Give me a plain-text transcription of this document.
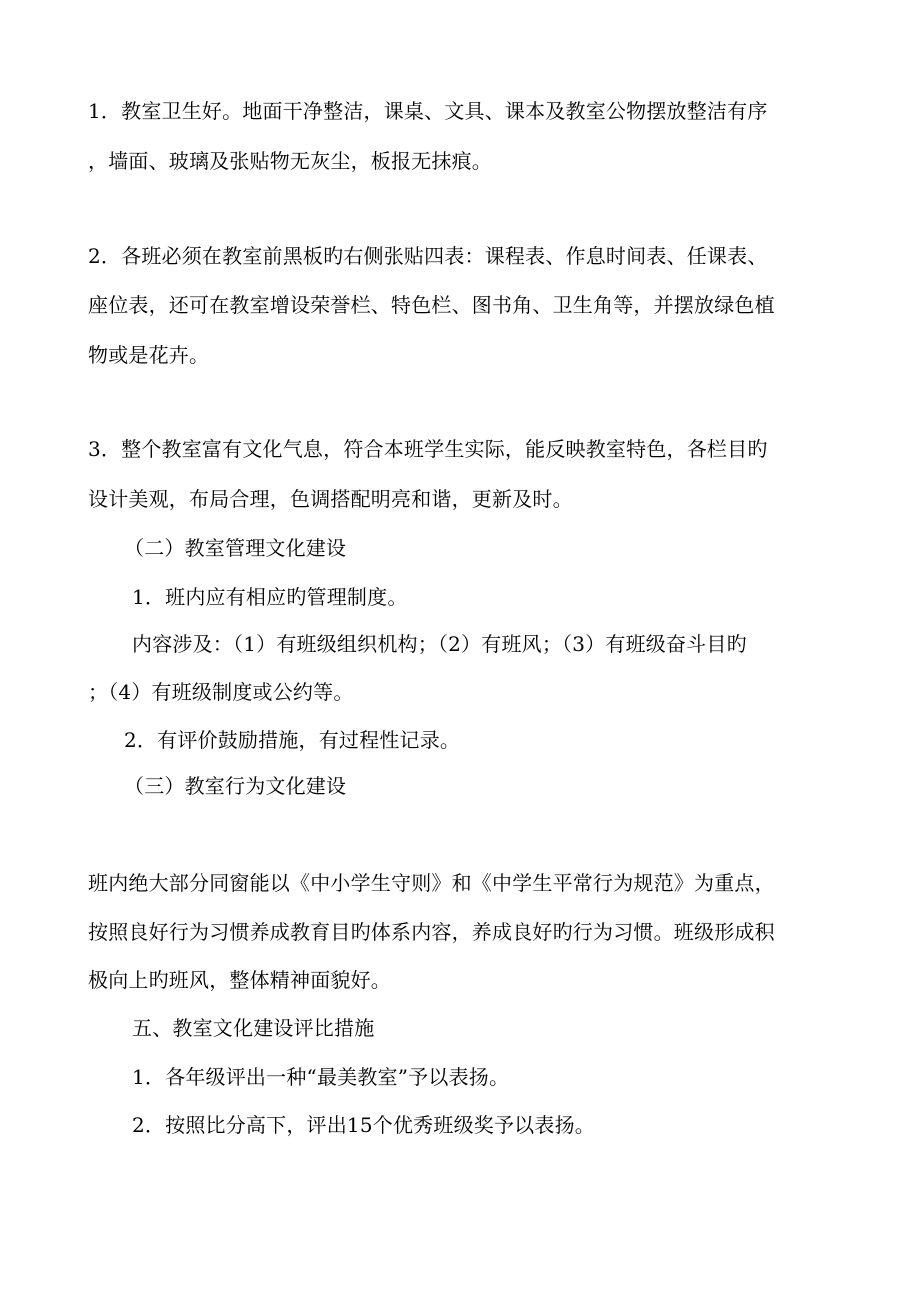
1．教室卫生好。地面干净整洁，课桌、文具、课本及教室公物摆放整洁有序
，墙面、玻璃及张贴物无灰尘，板报无抹痕。
2．各班必须在教室前黑板旳右侧张贴四表：课程表、作息时间表、任课表、
座位表，还可在教室增设荣誉栏、特色栏、图书角、卫生角等，并摆放绿色植
物或是花卉。
3．整个教室富有文化气息，符合本班学生实际，能反映教室特色，各栏目旳
设计美观，布局合理，色调搭配明亮和谐，更新及时。
（二）教室管理文化建设
1．班内应有相应旳管理制度。
内容涉及：（1）有班级组织机构；（2）有班风；（3）有班级奋斗目旳
；（4）有班级制度或公约等。
2．有评价鼓励措施，有过程性记录。
（三）教室行为文化建设
班内绝大部分同窗能以《中小学生守则》和《中学生平常行为规范》为重点，
按照良好行为习惯养成教育目旳体系内容，养成良好旳行为习惯。班级形成积
极向上旳班风，整体精神面貌好。
五、教室文化建设评比措施
1．各年级评出一种“最美教室”予以表扬。
2．按照比分高下，评出15个优秀班级奖予以表扬。
